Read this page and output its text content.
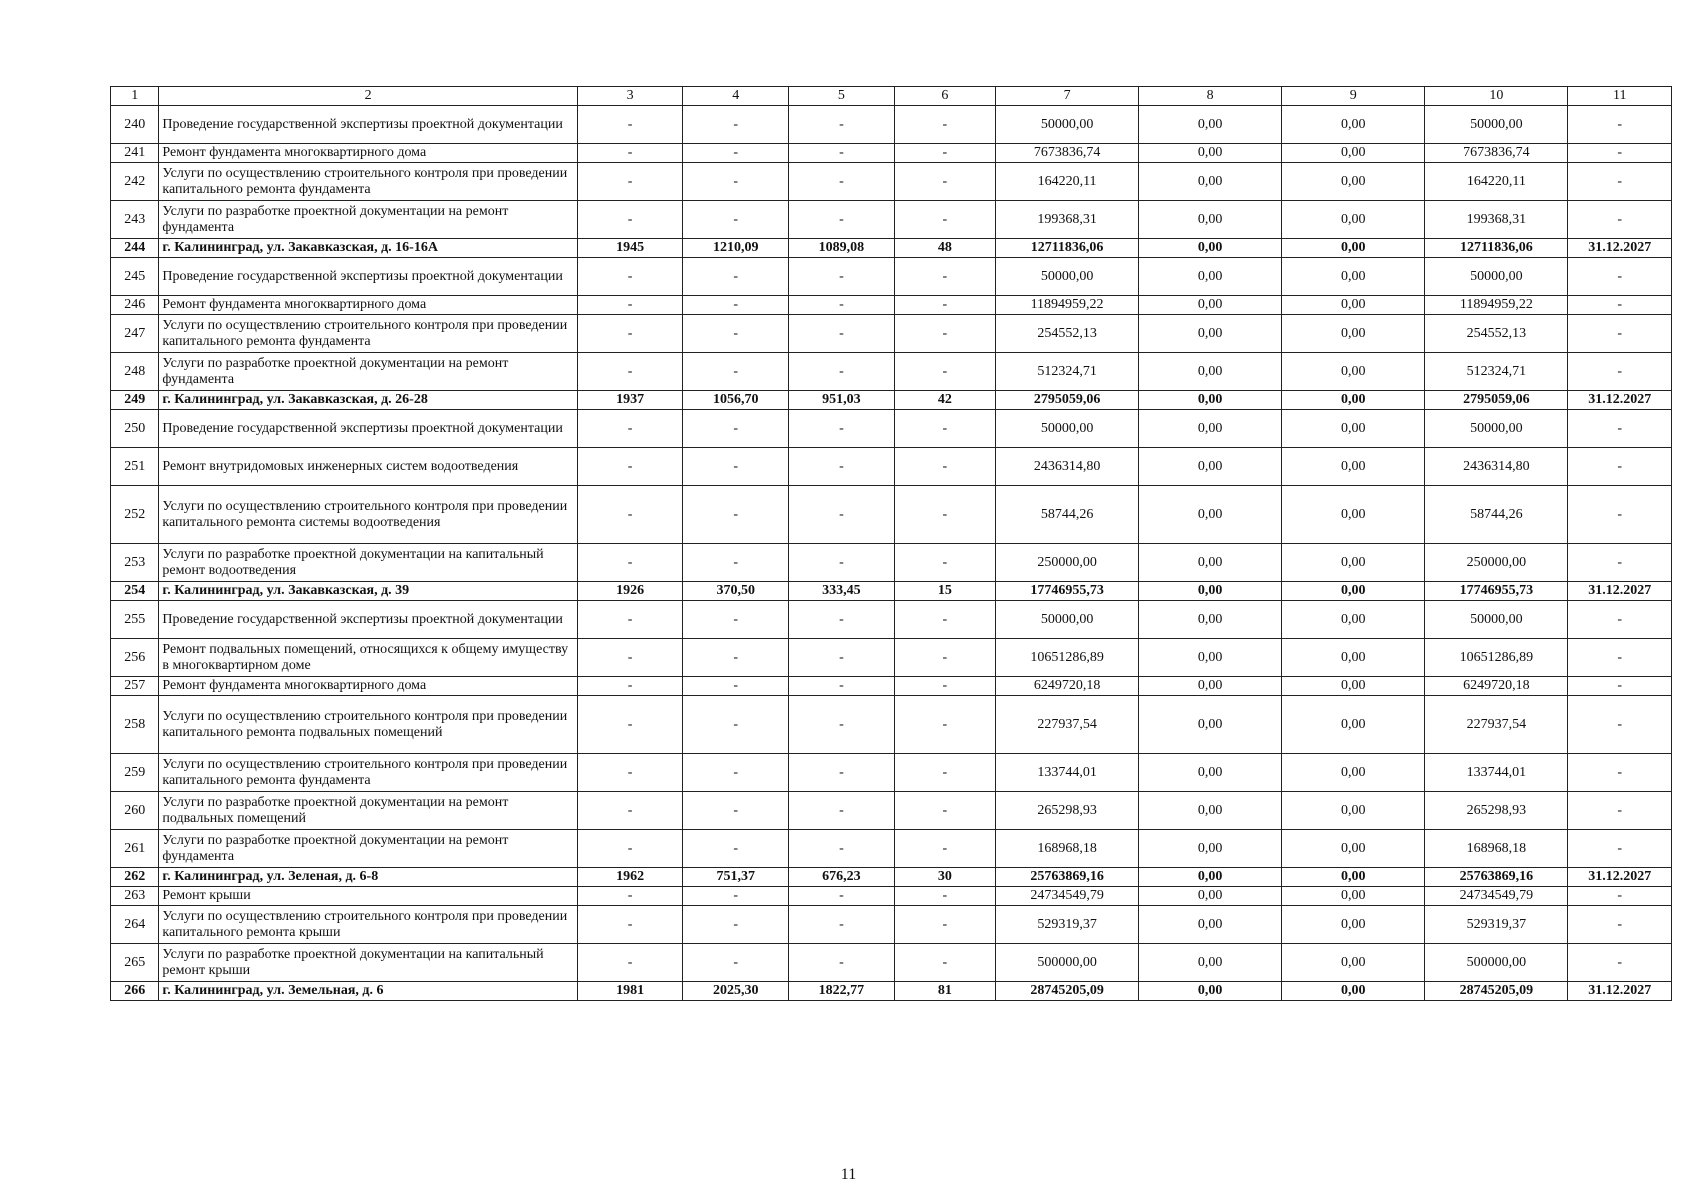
1	2	3	4	5	6	7	8	9	10	11
240	Проведение государственной экспертизы проектной документации	-	-	-	-	50000,00	0,00	0,00	50000,00	-
241	Ремонт фундамента многоквартирного дома	-	-	-	-	7673836,74	0,00	0,00	7673836,74	-
242	Услуги по осуществлению строительного контроля при проведении капитального ремонта фундамента	-	-	-	-	164220,11	0,00	0,00	164220,11	-
243	Услуги по разработке проектной документации на ремонт фундамента	-	-	-	-	199368,31	0,00	0,00	199368,31	-
244	г. Калининград, ул. Закавказская, д. 16-16А	1945	1210,09	1089,08	48	12711836,06	0,00	0,00	12711836,06	31.12.2027
245	Проведение государственной экспертизы проектной документации	-	-	-	-	50000,00	0,00	0,00	50000,00	-
246	Ремонт фундамента многоквартирного дома	-	-	-	-	11894959,22	0,00	0,00	11894959,22	-
247	Услуги по осуществлению строительного контроля при проведении капитального ремонта фундамента	-	-	-	-	254552,13	0,00	0,00	254552,13	-
248	Услуги по разработке проектной документации на ремонт фундамента	-	-	-	-	512324,71	0,00	0,00	512324,71	-
249	г. Калининград, ул. Закавказская, д. 26-28	1937	1056,70	951,03	42	2795059,06	0,00	0,00	2795059,06	31.12.2027
250	Проведение государственной экспертизы проектной документации	-	-	-	-	50000,00	0,00	0,00	50000,00	-
251	Ремонт внутридомовых инженерных систем водоотведения	-	-	-	-	2436314,80	0,00	0,00	2436314,80	-
252	Услуги по осуществлению строительного контроля при проведении капитального ремонта системы водоотведения	-	-	-	-	58744,26	0,00	0,00	58744,26	-
253	Услуги по разработке проектной документации на капитальный ремонт водоотведения	-	-	-	-	250000,00	0,00	0,00	250000,00	-
254	г. Калининград, ул. Закавказская, д. 39	1926	370,50	333,45	15	17746955,73	0,00	0,00	17746955,73	31.12.2027
255	Проведение государственной экспертизы проектной документации	-	-	-	-	50000,00	0,00	0,00	50000,00	-
256	Ремонт подвальных помещений, относящихся к общему имуществу в многоквартирном доме	-	-	-	-	10651286,89	0,00	0,00	10651286,89	-
257	Ремонт фундамента многоквартирного дома	-	-	-	-	6249720,18	0,00	0,00	6249720,18	-
258	Услуги по осуществлению строительного контроля при проведении капитального ремонта подвальных помещений	-	-	-	-	227937,54	0,00	0,00	227937,54	-
259	Услуги по осуществлению строительного контроля при проведении капитального ремонта фундамента	-	-	-	-	133744,01	0,00	0,00	133744,01	-
260	Услуги по разработке проектной документации на ремонт подвальных помещений	-	-	-	-	265298,93	0,00	0,00	265298,93	-
261	Услуги по разработке проектной документации на ремонт фундамента	-	-	-	-	168968,18	0,00	0,00	168968,18	-
262	г. Калининград, ул. Зеленая, д. 6-8	1962	751,37	676,23	30	25763869,16	0,00	0,00	25763869,16	31.12.2027
263	Ремонт крыши	-	-	-	-	24734549,79	0,00	0,00	24734549,79	-
264	Услуги по осуществлению строительного контроля при проведении капитального ремонта крыши	-	-	-	-	529319,37	0,00	0,00	529319,37	-
265	Услуги по разработке проектной документации на капитальный ремонт крыши	-	-	-	-	500000,00	0,00	0,00	500000,00	-
266	г. Калининград, ул. Земельная, д. 6	1981	2025,30	1822,77	81	28745205,09	0,00	0,00	28745205,09	31.12.2027
11
